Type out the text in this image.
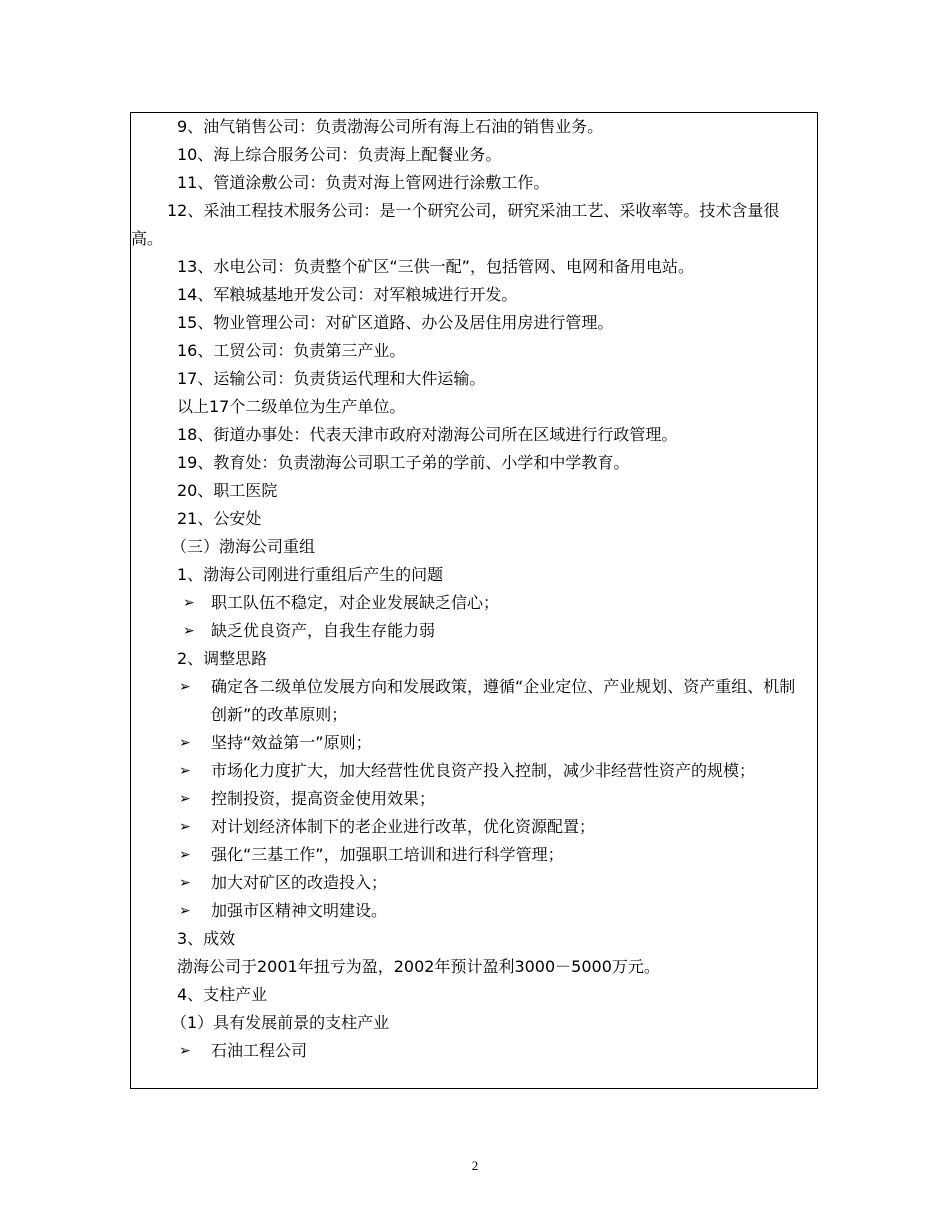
9、油气销售公司：负责渤海公司所有海上石油的销售业务。

10、海上综合服务公司：负责海上配餐业务。

11、管道涂敷公司：负责对海上管网进行涂敷工作。

12、采油工程技术服务公司：是一个研究公司，研究采油工艺、采收率等。技术含量很高。

13、水电公司：负责整个矿区“三供一配”，包括管网、电网和备用电站。

14、军粮城基地开发公司：对军粮城进行开发。

15、物业管理公司：对矿区道路、办公及居住用房进行管理。

16、工贸公司：负责第三产业。

17、运输公司：负责货运代理和大件运输。

以上17个二级单位为生产单位。

18、街道办事处：代表天津市政府对渤海公司所在区域进行行政管理。

19、教育处：负责渤海公司职工子弟的学前、小学和中学教育。

20、职工医院

21、公安处

（三）渤海公司重组

1、渤海公司刚进行重组后产生的问题

➢ 职工队伍不稳定，对企业发展缺乏信心；

➢ 缺乏优良资产，自我生存能力弱

2、调整思路

➢ 确定各二级单位发展方向和发展政策，遵循“企业定位、产业规划、资产重组、机制创新”的改革原则；

➢ 坚持“效益第一”原则；

➢ 市场化力度扩大，加大经营性优良资产投入控制，减少非经营性资产的规模；

➢ 控制投资，提高资金使用效果；

➢ 对计划经济体制下的老企业进行改革，优化资源配置；

➢ 强化“三基工作”，加强职工培训和进行科学管理；

➢ 加大对矿区的改造投入；

➢ 加强市区精神文明建设。

3、成效

渤海公司于2001年扭亏为盈，2002年预计盈利3000－5000万元。

4、支柱产业

（1）具有发展前景的支柱产业

➢ 石油工程公司

2
